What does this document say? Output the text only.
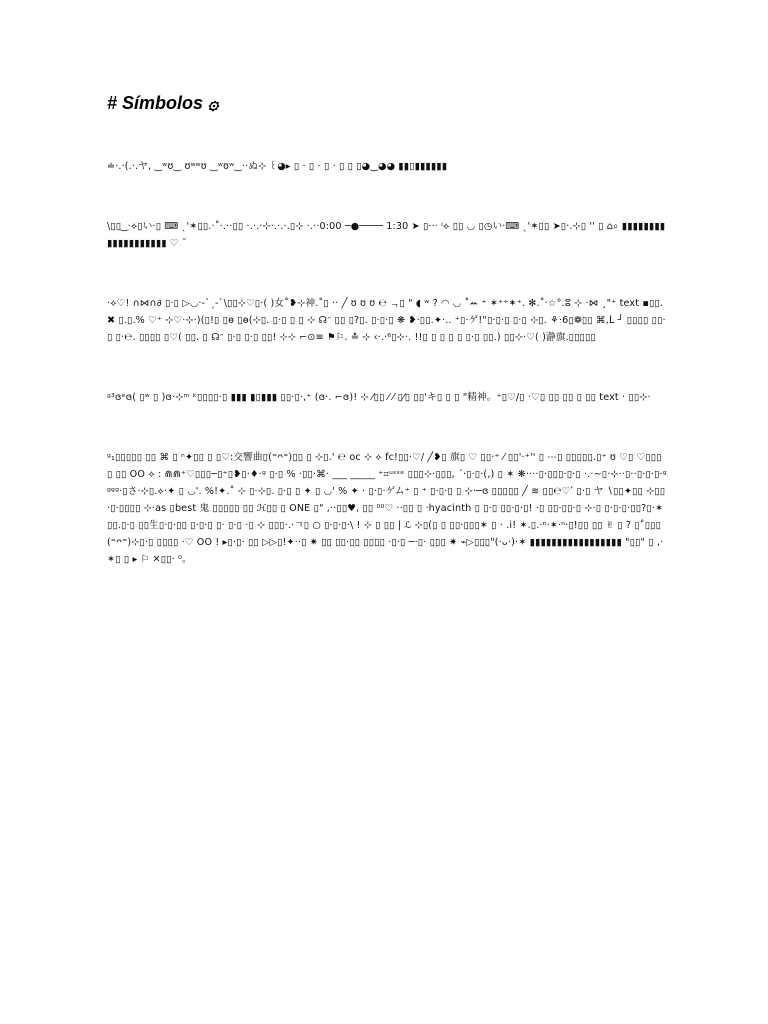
# Símbolos ۞

≐·.·(.·.ヤ, ‿ʷʊ‿ ʊʷʷʊ ‿ʷʊʷ‿··ぬ⊹ ꒰◕▸ ▯ · ▯ · ▯ · ▯ ▯ ▯◕‿◕◕ ▮▮▯▮▮▮▮▮▮

\▯▯ ͜ ·⟡▯い·▯ ⌨ ˎ'✶▯▯.·˚·.··▯▯ ·.·.·⊹·.·.·.▯⊹ ·.··0:00 ─●──── 1:30 ➤ ▯··· ⁱ⟡ ▯▯ ◡ ▯◷い·⌨ ˎ'✶▯▯ ➤▯·.⊹▯ '' ▯ ⌂⌕ ▮▮▮▮▮▮▮▮▮▮▮▮▮▮▮▮▮▮▮ ♡ ˘

·⟡♡! ∩⋈∩∂ ▯·▯ ▷◡·-ˋˏ-ˋ\▯▯⊹♡▯·( )女˚❥⊹神.˚▯ ·· ╱ ʊ ʊ ʊ ℮ ᆨ▯ " ◖ ʷ ? ◠ ◡ ˚ꕀ ⁺ ✶⁺⁺✶⁺. ✻.˚·☆°.ⵓ ⊹ ·⋈ ¸"⁺ text ▪▯▯. ✖ ▯.▯.% ♡⁺ ⊹♡·⊹·)(▯!▯ ▯ɵ ▯ɵ(⊹▯. ▯·▯ ▯ ▯ ⊹ ☊ᵔ ▯▯ ▯?▯. ▯·▯·▯ ❋ ❥·▯▯.✦·.. ⁺▯·ゲ!"▯·▯·▯ ▯·▯ ⊹▯. ⚘·6▯❁▯▯ ⌘,ᒪ ┘ ▯▯▯▯ ▯▯·▯ ▯·℮. ▯▯▯▯ ▯♡( ▯▯. ▯ ☊ᵔ ▯·▯ ▯·▯ ▯▯! ⊹⊹ ⌐⊙≡ ⚑⚐. ≛ ⊹ ‹·.·⁶▯⊹·. !!▯ ▯ ▯ ▯ ▯ ▯·▯ ▯▯.) ▯▯⊹·♡( )瀞旗.▯▯▯▯▯

ᵍ³ɞᵉɞ( ▯ʷ ▯ )ɞ·⊹ᵐ ᵏ▯▯▯▯·▯ ▮▮▮ ▮▯▮▮▮ ▯▯·▯·,⁺ (ɞ·. ⌐ɞ)! ⊹ ⁄▯▯ ⁄ ⁄ ▯⁄▯ ▯▯'キ▯ ▯ ▯ "精神。⁺▯♡/▯ ·♡▯ ▯▯ ▯▯ ▯ ▯▯ text · ▯▯⊹·

ᵍ₁▯▯▯▯▯ ▯▯ ⌘ ▯ ⁿ✦▯▯ ▯ ▯♡:交響曲▯(⁼ᴖ⁼)▯▯ ▯ ⊹▯.' ℮ oc ⊹ ⟡ fc!▯▯·♡/ ╱❥▯ 旗▯ ♡ ▯▯·⁺ ⁄ ▯▯'·⁺'' ▯ ⋯▯ ▯▯▯▯▯.▯⁺ ʊ ♡▯ ♡▯▯▯▯ ▯▯ OO ⟡ : ⋒⋒⁺♡▯▯▯─▯⁺▯❥▯·♦·ᵍ ▯·▯ % ·▯▯·⌘· ___ _____ ⁺⌗ᵘᵋᵋᵉ ▯▯▯⊹·▯▯▯, ˊ·▯·▯·(,) ▯ ✶ ❋····▯·▯▯▯·▯·▯ ·.·~▯·⊹··▯··▯·▯·▯·ᵍᵍᵍᵍ·▯さ·⊹▯.⟡·✦ ▯ ◡'. %!✦.˚ ⊹ ▯·⊹▯. ▯·▯ ▯ ✦ ▯ ◡' % ✦ · ▯·▯·ゲム⁺ ▯ ⁺ ▯·▯·▯ ▯ ⊹·─ɞ ▯▯▯▯▯ ╱ ≋ ▯▯℮♡ʹ ▯·▯ ヤ ∖▯▯✦▯▯ ⊹▯▯·▯·▯▯▯▯ ⊹·as ▯best 鬼 ▯▯▯▯▯ ▯▯ ℋ▯▯ ▯ ONE ▯" ,··▯▯♥, ▯▯ ⁰⁰♡ ··▯▯ ▯ ·hyacinth ▯ ▯·▯ ▯▯·▯·▯! ·▯ ▯▯·▯▯·▯ ⊹·▯ ▯·▯·▯·▯▯?▯·✶▯▯.▯·▯ ▯▯生▯·▯·▯▯ ▯·▯·▯ ▯· ▯·▯ ·▯ ⊹ ▯▯▯·.·ㄱ▯ ○ ▯·▯·▯·\ ! ⊹ ▯ ▯▯ | ℒ ⊹▯(▯ ▯ ▯▯·▯▯▯✶ ▯ · .i! ✶.▯.·ⁿ·✶·ⁿ·▯!▯▯ ▯▯ ✌ ▯ ? ▯˚▯▯▯(⁼ᴖ⁼)⊹▯·▯ ▯▯▯▯ ·♡ OO ! ▸▯·▯· ▯▯ ▷▷▯!✦··▯ ✷ ▯▯ ▯▯·▯▯ ▯▯▯▯ ·▯·▯ ─·▯· ▯▯▯ ✷ ⌁▷▯▯▯"(·ᴗ·)·✶ ▮▮▮▮▮▮▮▮▮▮▮▮▮▮▮▮▮ "▯▯" ▯ ,·✶▯ ▯ ▸ ⚐ ✕▯▯· ⁰。
